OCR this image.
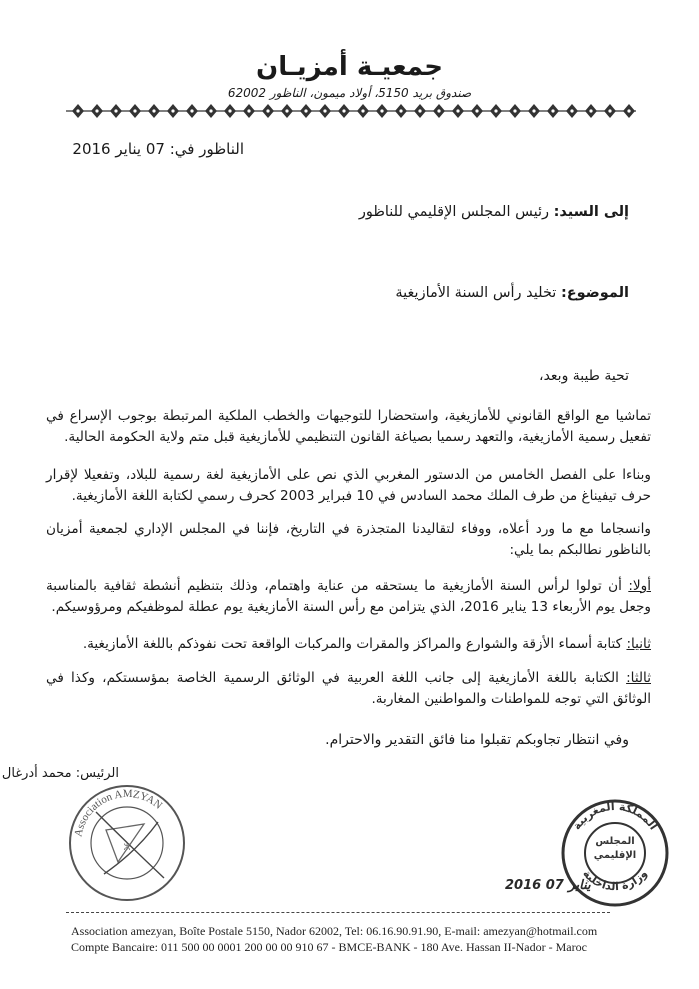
جمعيـة أمزيـان
صندوق بريد 5150، أولاد ميمون، الناظور 62002
الناظور في: 07 يناير 2016
إلى السيد: رئيس المجلس الإقليمي للناظور
الموضوع: تخليد رأس السنة الأمازيغية
تحية طيبة وبعد،
تماشيا مع الواقع القانوني للأمازيغية، واستحضارا للتوجيهات والخطب الملكية المرتبطة بوجوب الإسراع في تفعيل رسمية الأمازيغية، والتعهد رسميا بصياغة القانون التنظيمي للأمازيغية قبل متم ولاية الحكومة الحالية.
وبناءا على الفصل الخامس من الدستور المغربي الذي نص على الأمازيغية لغة رسمية للبلاد، وتفعيلا لإقرار حرف تيفيناغ من طرف الملك محمد السادس في 10 فبراير 2003 كحرف رسمي لكتابة اللغة الأمازيغية.
وانسجاما مع ما ورد أعلاه، ووفاء لتقاليدنا المتجذرة في التاريخ، فإننا في المجلس الإداري لجمعية أمزيان بالناظور نطالبكم بما يلي:
أولا: أن تولوا لرأس السنة الأمازيغية ما يستحقه من عناية واهتمام، وذلك بتنظيم أنشطة ثقافية بالمناسبة وجعل يوم الأربعاء 13 يناير 2016، الذي يتزامن مع رأس السنة الأمازيغية يوم عطلة لموظفيكم ومرؤوسيكم.
ثانيا: كتابة أسماء الأزقة والشوارع والمراكز والمقرات والمركبات الواقعة تحت نفوذكم باللغة الأمازيغية.
ثالثا: الكتابة باللغة الأمازيغية إلى جانب اللغة العربية في الوثائق الرسمية الخاصة بمؤسستكم، وكذا في الوثائق التي توجه للمواطنات والمواطنين المغاربة.
وفي انتظار تجاوبكم تقبلوا منا فائق التقدير والاحترام.
الرئيس: محمد أدرغال
Association AMZYAN
ⵣ
المملكة المغربية
وزارة الداخلية
المجلس الإقليمي
2016 يناير 07
Association amezyan, Boîte Postale 5150, Nador 62002, Tel: 06.16.90.91.90, E-mail: amezyan@hotmail.com
Compte Bancaire: 011 500 00 0001 200 00 00 910 67 - BMCE-BANK - 180 Ave. Hassan II-Nador - Maroc
